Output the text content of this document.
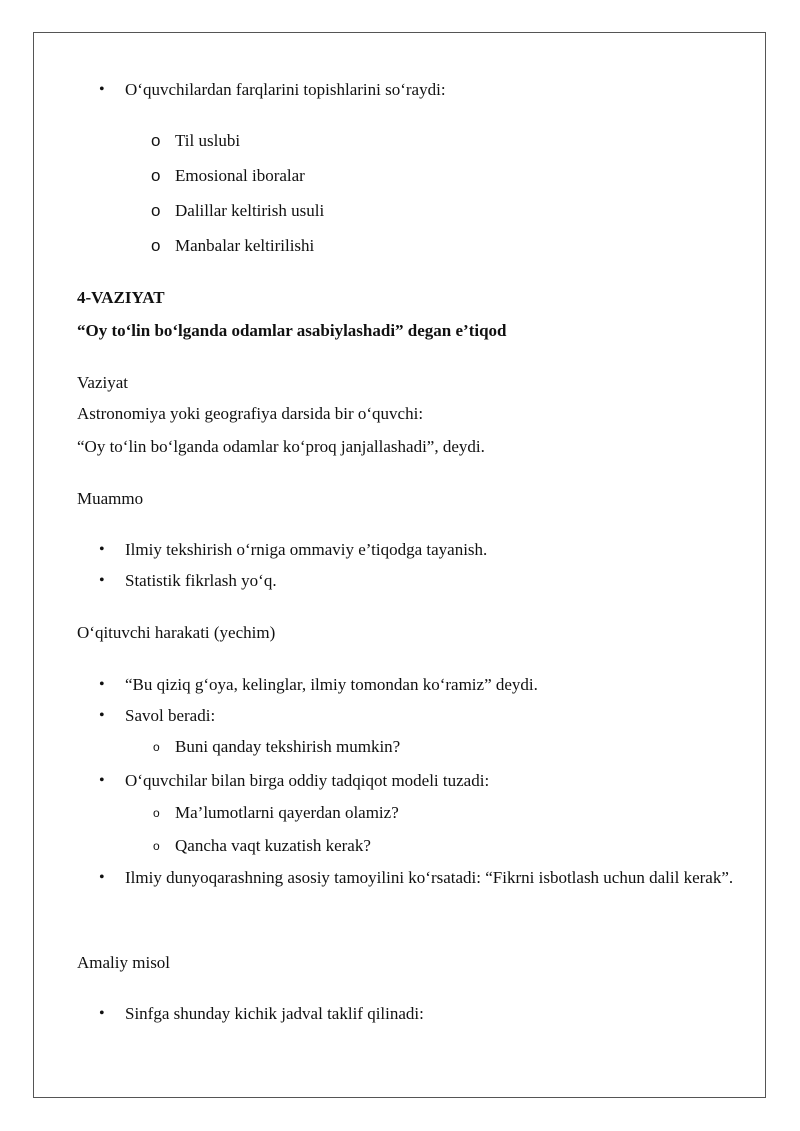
• O‘quvchilardan farqlarini topishlarini so‘raydi:
o Til uslubi
o Emosional iboralar
o Dalillar keltirish usuli
o Manbalar keltirilishi

4-VAZIYAT

“Oy to‘lin bo‘lganda odamlar asabiylashadi” degan e’tiqod

Vaziyat

Astronomiya yoki geografiya darsida bir o‘quvchi:

“Oy to‘lin bo‘lganda odamlar ko‘proq janjallashadi”, deydi.

Muammo

• Ilmiy tekshirish o‘rniga ommaviy e’tiqodga tayanish.
• Statistik fikrlash yo‘q.

O‘qituvchi harakati (yechim)

• “Bu qiziq g‘oya, kelinglar, ilmiy tomondan ko‘ramiz” deydi.
• Savol beradi:
o Buni qanday tekshirish mumkin?
• O‘quvchilar bilan birga oddiy tadqiqot modeli tuzadi:
o Ma’lumotlarni qayerdan olamiz?
o Qancha vaqt kuzatish kerak?
• Ilmiy dunyoqarashning asosiy tamoyilini ko‘rsatadi: “Fikrni isbotlash uchun dalil kerak”.

Amaliy misol

• Sinfga shunday kichik jadval taklif qilinadi:
